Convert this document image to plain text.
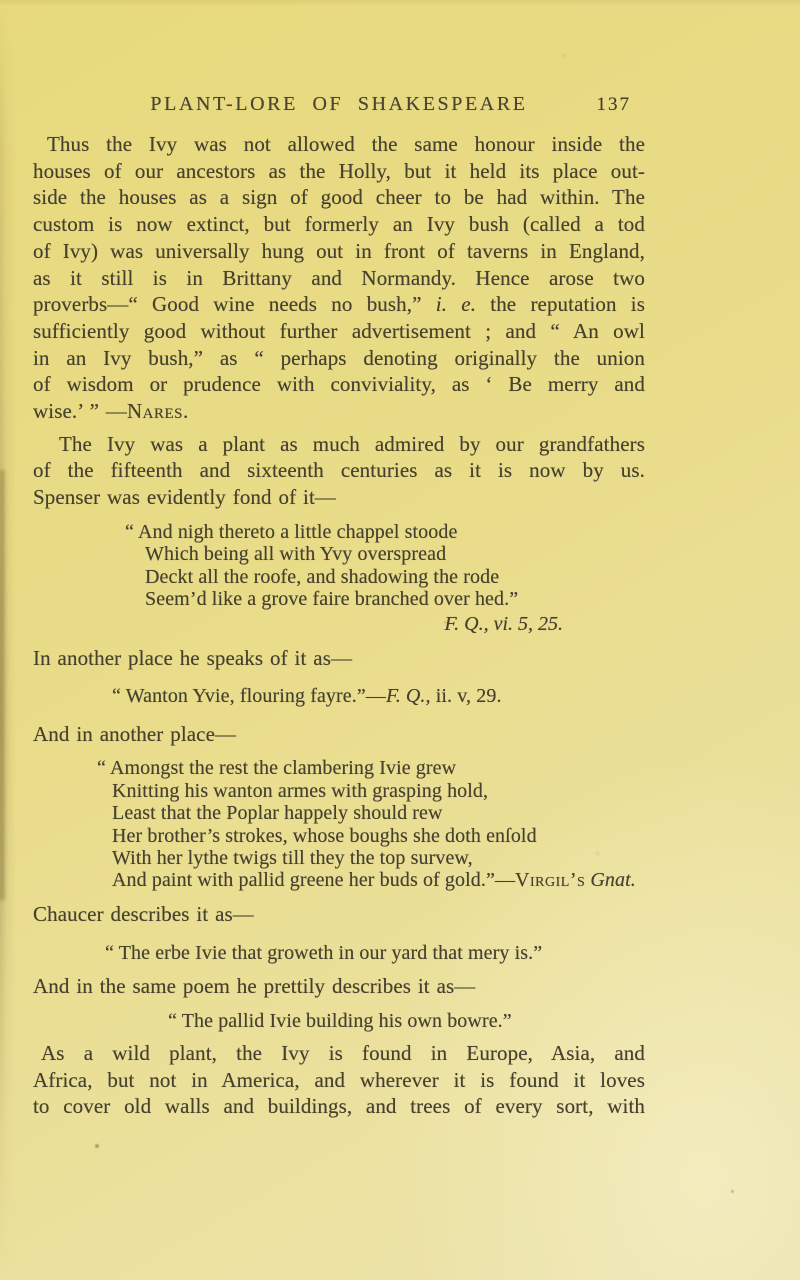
PLANT-LORE OF SHAKESPEARE	137
Thus the Ivy was not allowed the same honour inside the
houses of our ancestors as the Holly, but it held its place out-
side the houses as a sign of good cheer to be had within. The
custom is now extinct, but formerly an Ivy bush (called a tod
of Ivy) was universally hung out in front of taverns in England,
as it still is in Brittany and Normandy. Hence arose two
proverbs—“ Good wine needs no bush,” i. e. the reputation is
sufficiently good without further advertisement ; and “ An owl
in an Ivy bush,” as “ perhaps denoting originally the union
of wisdom or prudence with conviviality, as ‘ Be merry and
wise.’ ” —Nares.
The Ivy was a plant as much admired by our grandfathers
of the fifteenth and sixteenth centuries as it is now by us.
Spenser was evidently fond of it—
“ And nigh thereto a little chappel stoode
Which being all with Yvy overspread
Deckt all the roofe, and shadowing the rode
Seem’d like a grove faire branched over hed.”
F. Q., vi. 5, 25.
In another place he speaks of it as—
“ Wanton Yvie, flouring fayre.”—F. Q., ii. v, 29.
And in another place—
“ Amongst the rest the clambering Ivie grew
Knitting his wanton armes with grasping hold,
Least that the Poplar happely should rew
Her brother’s strokes, whose boughs she doth enſold
With her lythe twigs till they the top survew,
And paint with pallid greene her buds of gold.”—Virgil’s Gnat.
Chaucer describes it as—
“ The erbe Ivie that groweth in our yard that mery is.”
And in the same poem he prettily describes it as—
“ The pallid Ivie building his own bowre.”
As a wild plant, the Ivy is found in Europe, Asia, and
Africa, but not in America, and wherever it is found it loves
to cover old walls and buildings, and trees of every sort, with
